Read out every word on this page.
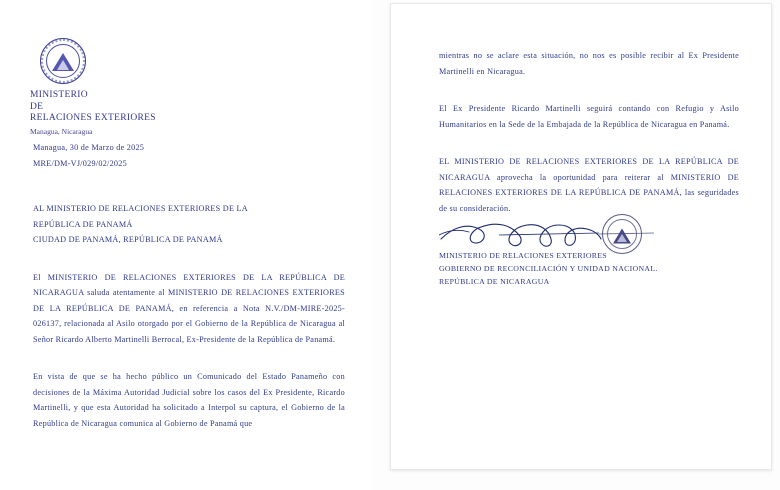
MINISTERIO
DE
RELACIONES EXTERIORES
Managua, Nicaragua
Managua, 30 de Marzo de 2025
MRE/DM-VJ/029/02/2025
AL MINISTERIO DE RELACIONES EXTERIORES DE LA
REPÚBLICA DE PANAMÁ
CIUDAD DE PANAMÁ, REPÚBLICA DE PANAMÁ
El MINISTERIO DE RELACIONES EXTERIORES DE LA REPÚBLICA DE NICARAGUA saluda atentamente al MINISTERIO DE RELACIONES EXTERIORES DE LA REPÚBLICA DE PANAMÁ, en referencia a Nota N.V./DM-MIRE-2025-026137, relacionada al Asilo otorgado por el Gobierno de la República de Nicaragua al Señor Ricardo Alberto Martinelli Berrocal, Ex-Presidente de la República de Panamá.
En vista de que se ha hecho público un Comunicado del Estado Panameño con decisiones de la Máxima Autoridad Judicial sobre los casos del Ex Presidente, Ricardo Martinelli, y que esta Autoridad ha solicitado a Interpol su captura, el Gobierno de la República de Nicaragua comunica al Gobierno de Panamá que
mientras no se aclare esta situación, no nos es posible recibir al Ex Presidente Martinelli en Nicaragua.
El Ex Presidente Ricardo Martinelli seguirá contando con Refugio y Asilo Humanitarios en la Sede de la Embajada de la República de Nicaragua en Panamá.
EL MINISTERIO DE RELACIONES EXTERIORES DE LA REPÚBLICA DE NICARAGUA aprovecha la oportunidad para reiterar al MINISTERIO DE RELACIONES EXTERIORES DE LA REPÚBLICA DE PANAMÁ, las seguridades de su consideración.
MINISTERIO DE RELACIONES EXTERIORES
GOBIERNO DE RECONCILIACIÓN Y UNIDAD NACIONAL.
REPÚBLICA DE NICARAGUA
